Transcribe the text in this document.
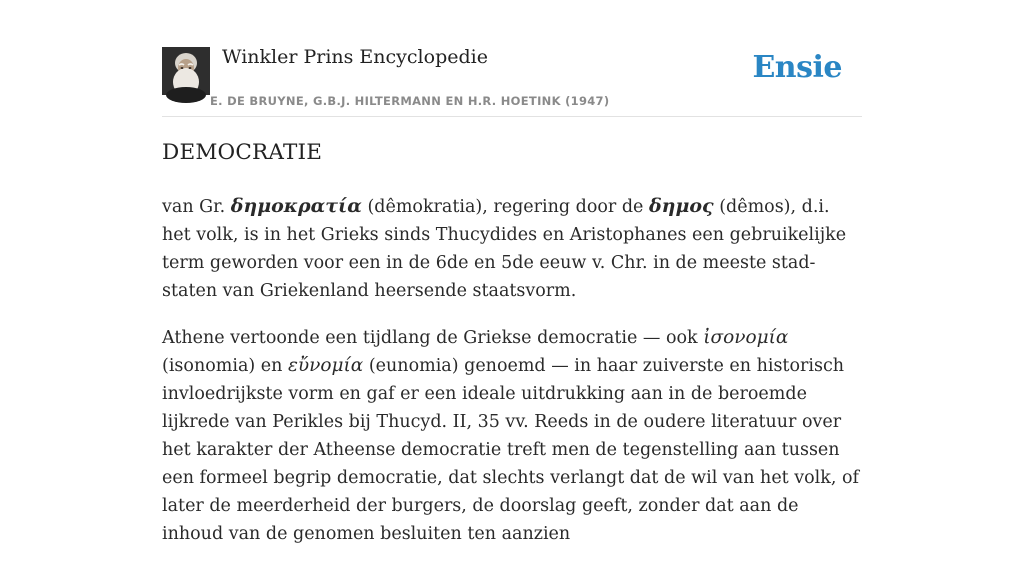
Winkler Prins Encyclopedie
E. DE BRUYNE, G.B.J. HILTERMANN EN H.R. HOETINK (1947)
Ensie
DEMOCRATIE

van Gr. δημοκρατία (dêmokratia), regering door de δημος (dêmos), d.i. het volk, is in het Grieks sinds Thucydides en Aristophanes een gebruikelijke term geworden voor een in de 6de en 5de eeuw v. Chr. in de meeste stad-staten van Griekenland heersende staatsvorm.

Athene vertoonde een tijdlang de Griekse democratie — ook ἰσονομία (isonomia) en εὔνομία (eunomia) genoemd — in haar zuiverste en historisch invloedrijkste vorm en gaf er een ideale uitdrukking aan in de beroemde lijkrede van Perikles bij Thucyd. II, 35 vv. Reeds in de oudere literatuur over het karakter der Atheense democratie treft men de tegenstelling aan tussen een formeel begrip democratie, dat slechts verlangt dat de wil van het volk, of later de meerderheid der burgers, de doorslag geeft, zonder dat aan de inhoud van de genomen besluiten ten aanzien
